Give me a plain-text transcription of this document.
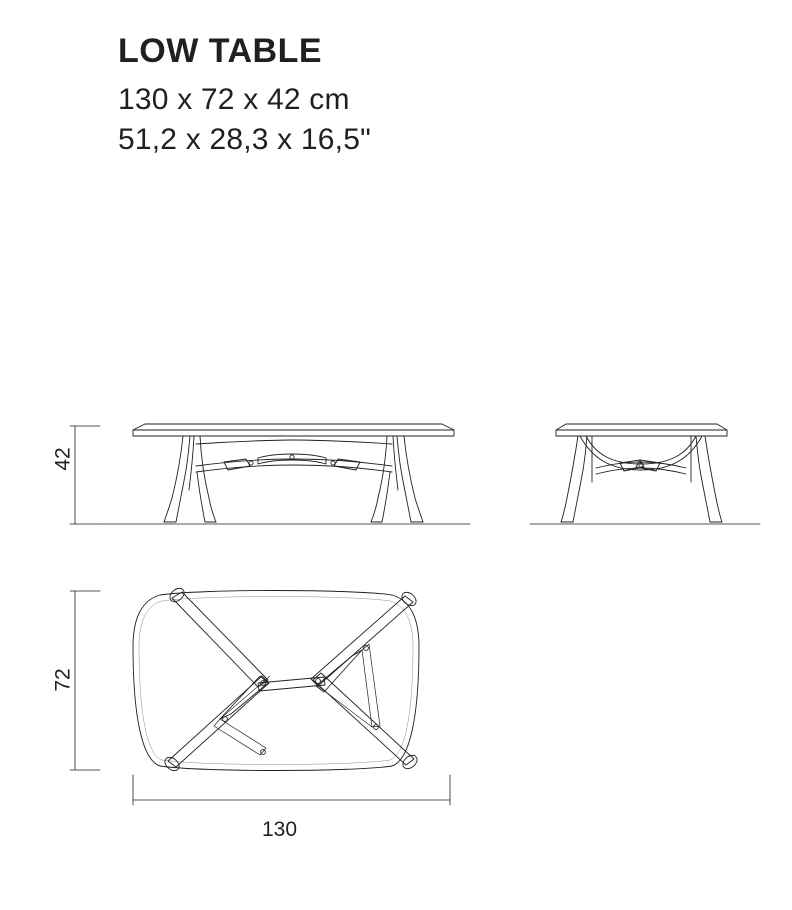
LOW TABLE

130 x 72 x 42 cm

51,2 x 28,3 x 16,5"

42
72
130
